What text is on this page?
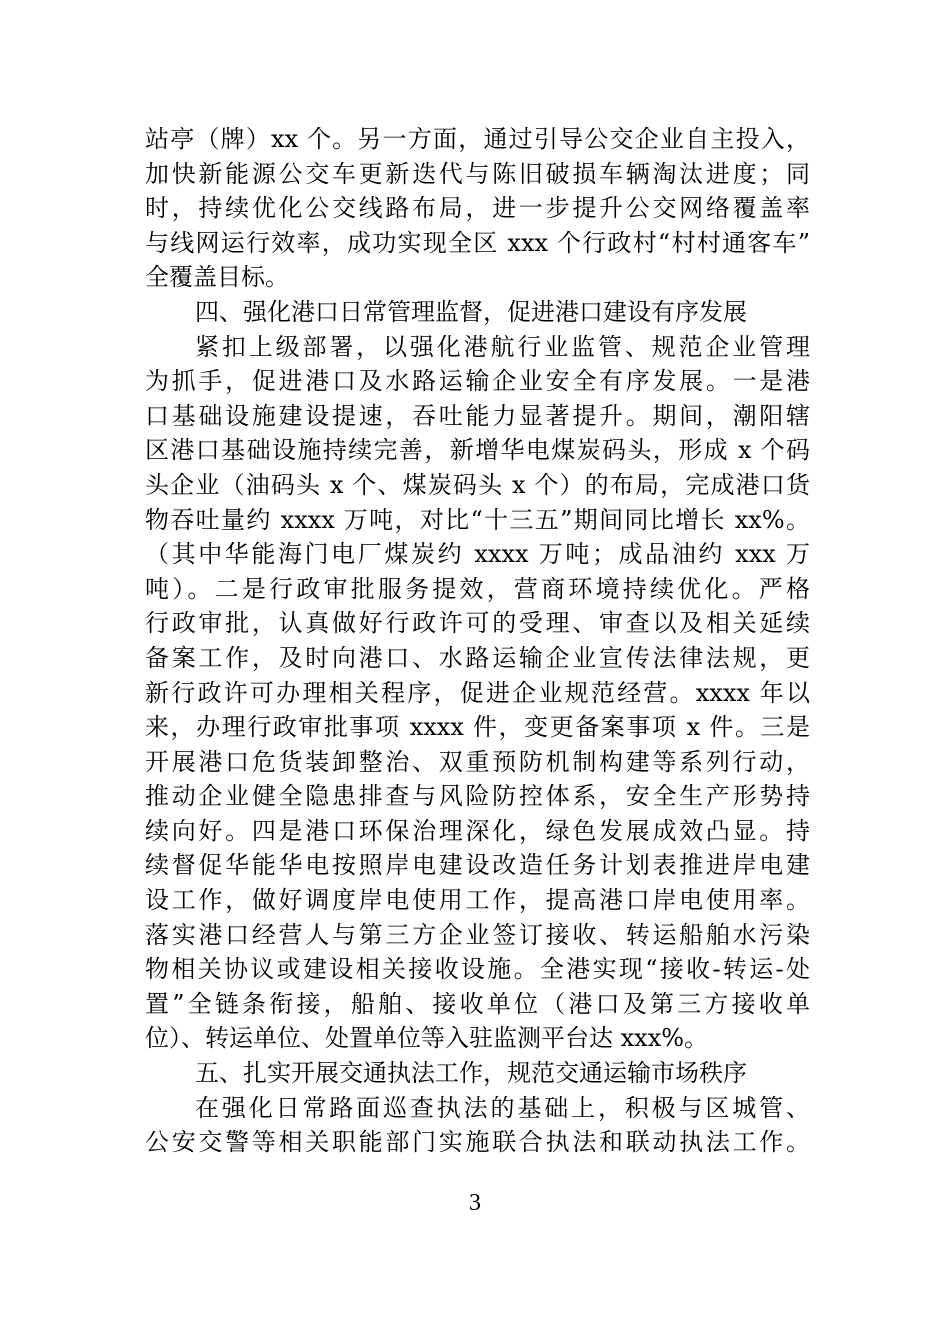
站亭（牌）xx 个。另一方面，通过引导公交企业自主投入，
加快新能源公交车更新迭代与陈旧破损车辆淘汰进度；同
时，持续优化公交线路布局，进一步提升公交网络覆盖率
与线网运行效率，成功实现全区 xxx 个行政村“村村通客车”
全覆盖目标。
四、强化港口日常管理监督，促进港口建设有序发展
紧扣上级部署，以强化港航行业监管、规范企业管理
为抓手，促进港口及水路运输企业安全有序发展。一是港
口基础设施建设提速，吞吐能力显著提升。期间，潮阳辖
区港口基础设施持续完善，新增华电煤炭码头，形成 x 个码
头企业（油码头 x 个、煤炭码头 x 个）的布局，完成港口货
物吞吐量约 xxxx 万吨，对比“十三五”期间同比增长 xx%。
（其中华能海门电厂煤炭约 xxxx 万吨；成品油约 xxx 万
吨）。二是行政审批服务提效，营商环境持续优化。严格
行政审批，认真做好行政许可的受理、审查以及相关延续
备案工作，及时向港口、水路运输企业宣传法律法规，更
新行政许可办理相关程序，促进企业规范经营。xxxx 年以
来，办理行政审批事项 xxxx 件，变更备案事项 x 件。三是
开展港口危货装卸整治、双重预防机制构建等系列行动，
推动企业健全隐患排查与风险防控体系，安全生产形势持
续向好。四是港口环保治理深化，绿色发展成效凸显。持
续督促华能华电按照岸电建设改造任务计划表推进岸电建
设工作，做好调度岸电使用工作，提高港口岸电使用率。
落实港口经营人与第三方企业签订接收、转运船舶水污染
物相关协议或建设相关接收设施。全港实现“接收-转运-处
置”全链条衔接，船舶、接收单位（港口及第三方接收单
位）、转运单位、处置单位等入驻监测平台达 xxx%。
五、扎实开展交通执法工作，规范交通运输市场秩序
在强化日常路面巡查执法的基础上，积极与区城管、
公安交警等相关职能部门实施联合执法和联动执法工作。
3
